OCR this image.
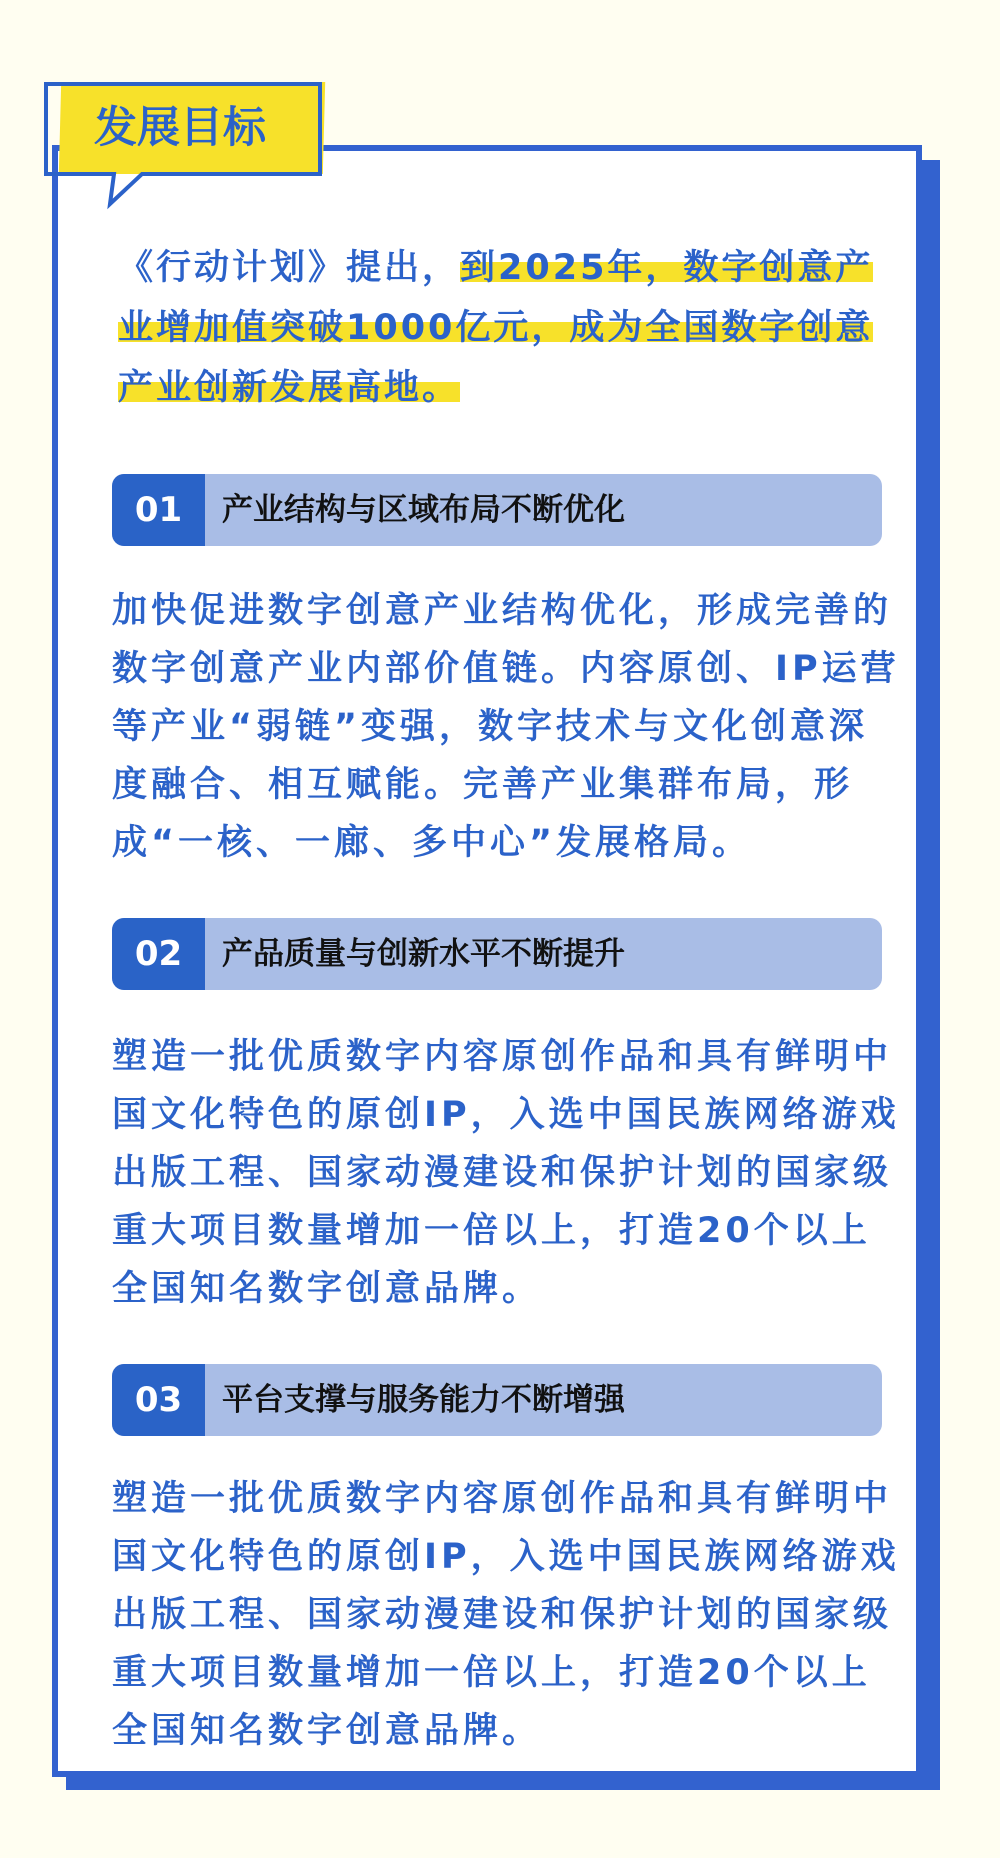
发展目标
《行动计划》提出，到2025年，数字创意产业增加值突破1000亿元，成为全国数字创意产业创新发展高地。
01	产业结构与区域布局不断优化
加快促进数字创意产业结构优化，形成完善的数字创意产业内部价值链。内容原创、IP运营等产业“弱链”变强，数字技术与文化创意深度融合、相互赋能。完善产业集群布局，形成“一核、一廊、多中心”发展格局。
02	产品质量与创新水平不断提升
塑造一批优质数字内容原创作品和具有鲜明中国文化特色的原创IP，入选中国民族网络游戏出版工程、国家动漫建设和保护计划的国家级重大项目数量增加一倍以上，打造20个以上全国知名数字创意品牌。
03	平台支撑与服务能力不断增强
塑造一批优质数字内容原创作品和具有鲜明中国文化特色的原创IP，入选中国民族网络游戏出版工程、国家动漫建设和保护计划的国家级重大项目数量增加一倍以上，打造20个以上全国知名数字创意品牌。
